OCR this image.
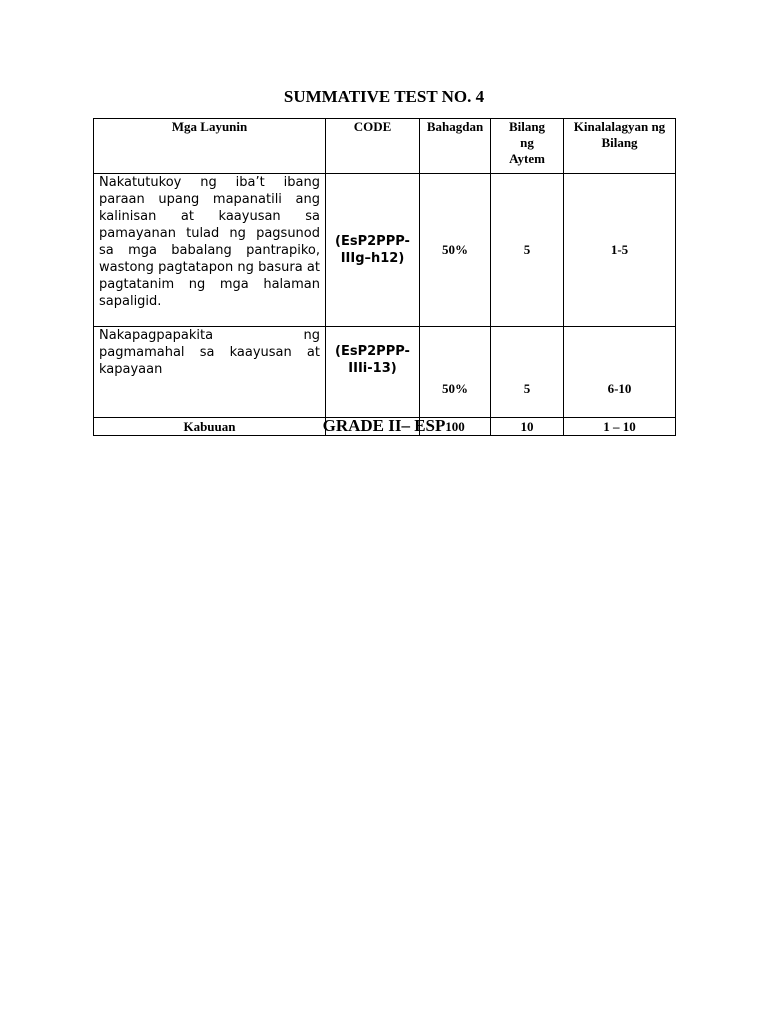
SUMMATIVE TEST NO. 4
Mga Layunin	CODE	Bahagdan	Bilang ng Aytem	Kinalalagyan ng Bilang
Nakatutukoy ng iba’t ibang paraan upang mapanatili ang kalinisan at kaayusan sa pamayanan tulad ng pagsunod sa mga babalang pantrapiko, wastong pagtatapon ng basura at pagtatanim ng mga halaman sapaligid.	(EsP2PPP- IIIg–h12)	50%	5	1-5
Nakapagpapakita ng pagmamahal sa kaayusan at kapayaan	(EsP2PPP-IIIi-13)	50%	5	6-10
Kabuuan		100	10	1 – 10
GRADE II– ESP
